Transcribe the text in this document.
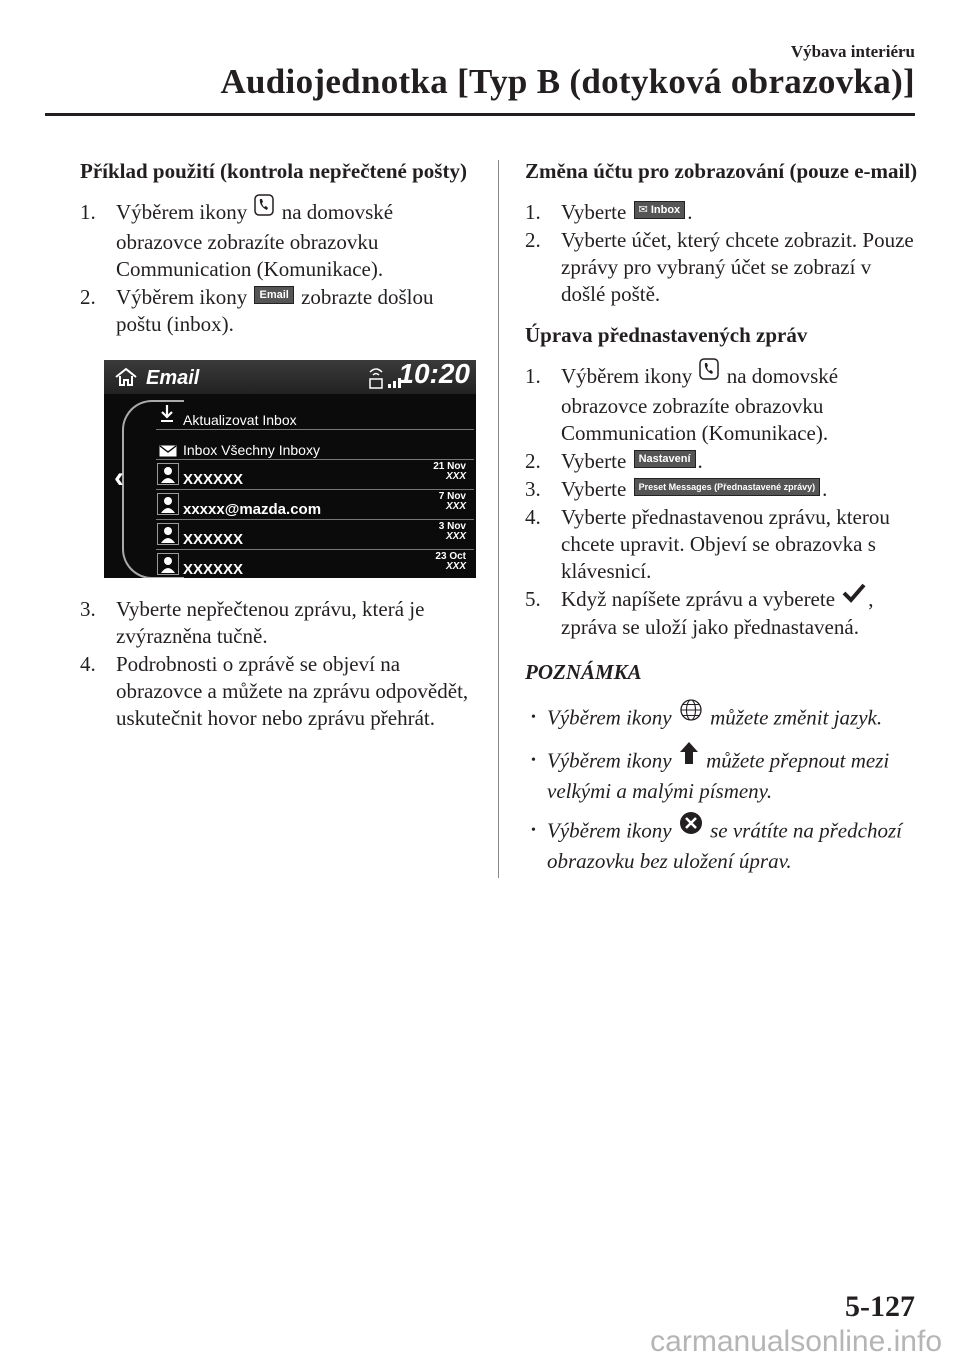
Výbava interiéru
Audiojednotka [Typ B (dotyková obrazovka)]
Příklad použití (kontrola nepřečtené pošty)
1. Výběrem ikony na domovské obrazovce zobrazíte obrazovku Communication (Komunikace).
2. Výběrem ikony Email zobrazte došlou poštu (inbox).
Email	10:20
‹
Aktualizovat Inbox
Inbox Všechny Inboxy
XXXXXX
21 Nov
XXX
xxxxx@mazda.com
7 Nov
XXX
XXXXXX
3 Nov
XXX
XXXXXX
23 Oct
XXX
3. Vyberte nepřečtenou zprávu, která je zvýrazněna tučně.
4. Podrobnosti o zprávě se objeví na obrazovce a můžete na zprávu odpovědět, uskutečnit hovor nebo zprávu přehrát.
Změna účtu pro zobrazování (pouze e-mail)
1. Vyberte ✉ Inbox .
2. Vyberte účet, který chcete zobrazit. Pouze zprávy pro vybraný účet se zobrazí v došlé poště.
Úprava přednastavených zpráv
1. Výběrem ikony na domovské obrazovce zobrazíte obrazovku Communication (Komunikace).
2. Vyberte Nastavení .
3. Vyberte Preset Messages (Přednastavené zprávy) .
4. Vyberte přednastavenou zprávu, kterou chcete upravit. Objeví se obrazovka s klávesnicí.
5. Když napíšete zprávu a vyberete , zpráva se uloží jako přednastavená.
POZNÁMKA
• Výběrem ikony můžete změnit jazyk.
• Výběrem ikony můžete přepnout mezi velkými a malými písmeny.
• Výběrem ikony se vrátíte na předchozí obrazovku bez uložení úprav.
5-127
carmanualsonline.info
